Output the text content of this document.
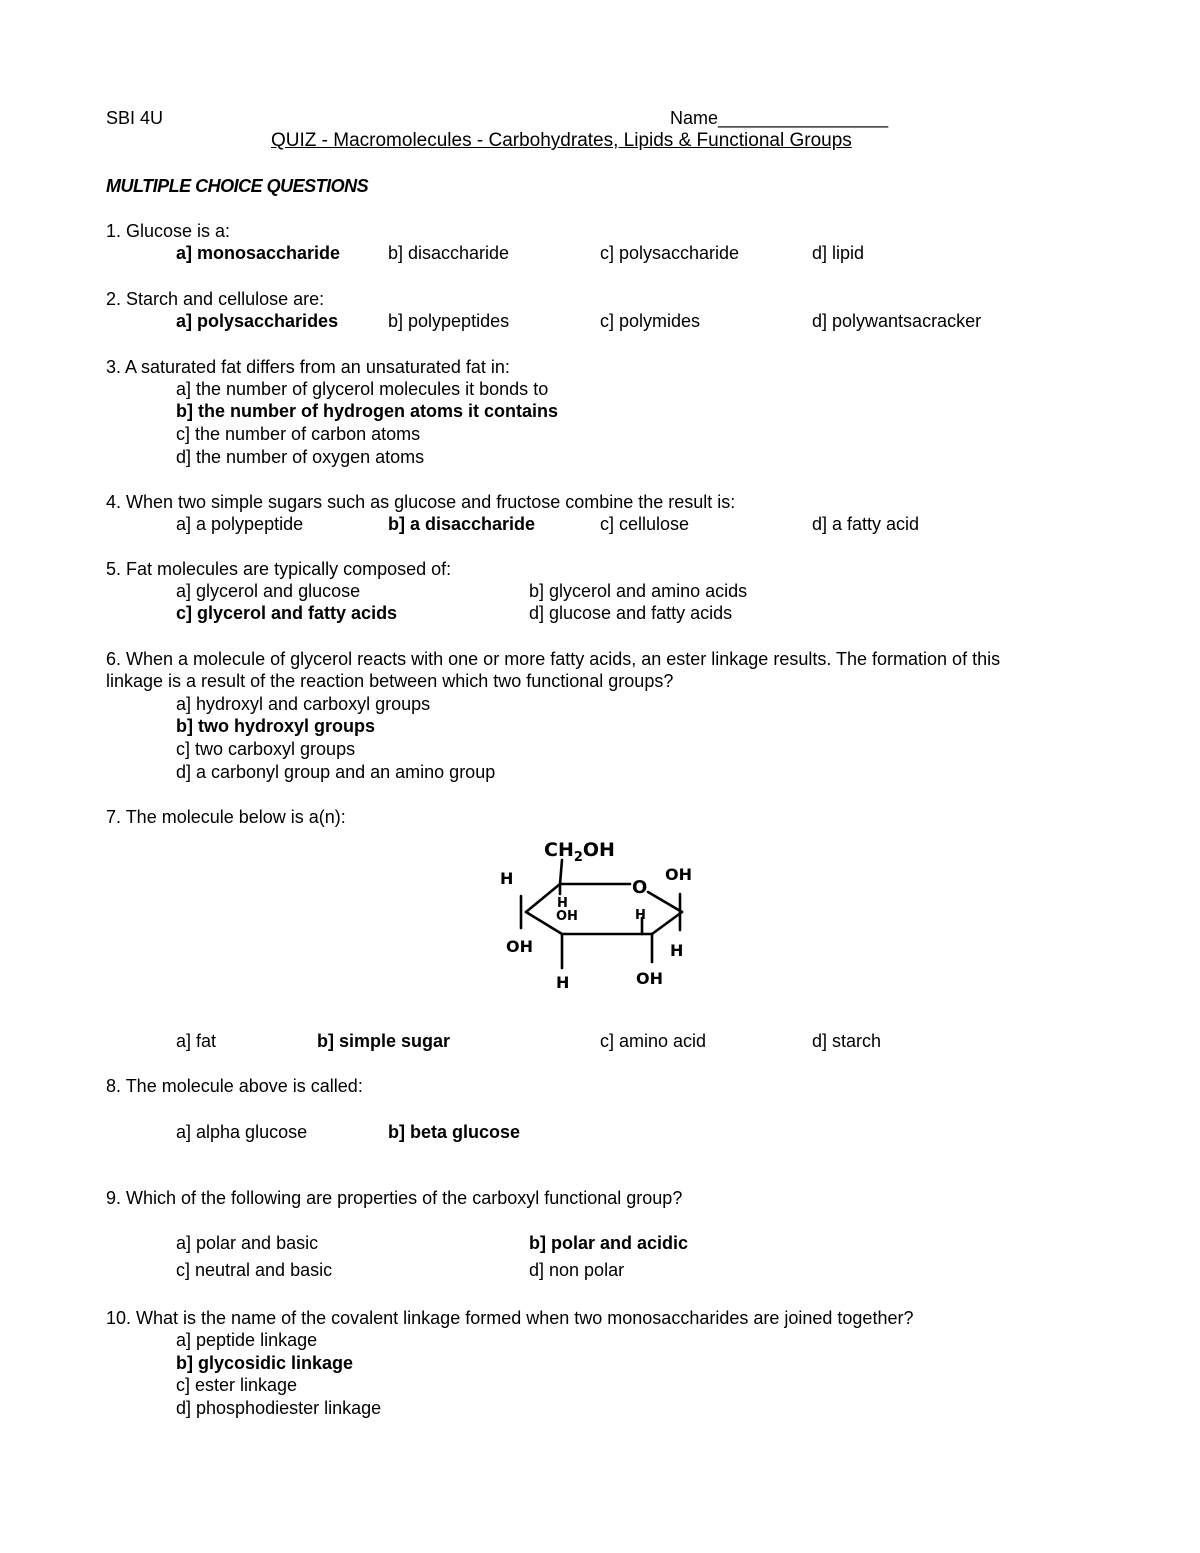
SBI 4U	Name_________________
QUIZ - Macromolecules - Carbohydrates, Lipids & Functional Groups
MULTIPLE CHOICE QUESTIONS
1. Glucose is a:
a] monosaccharide	b] disaccharide	c] polysaccharide	d] lipid
2. Starch and cellulose are:
a] polysaccharides	b] polypeptides	c] polymides	d] polywantsacracker
3. A saturated fat differs from an unsaturated fat in:
a] the number of glycerol molecules it bonds to
b] the number of hydrogen atoms it contains
c] the number of carbon atoms
d] the number of oxygen atoms
4. When two simple sugars such as glucose and fructose combine the result is:
a] a polypeptide	b] a disaccharide	c] cellulose	d] a fatty acid
5. Fat molecules are typically composed of:
a] glycerol and glucose	b] glycerol and amino acids
c] glycerol and fatty acids	d] glucose and fatty acids
6. When a molecule of glycerol reacts with one or more fatty acids, an ester linkage results. The formation of this
linkage is a result of the reaction between which two functional groups?
a] hydroxyl and carboxyl groups
b] two hydroxyl groups
c] two carboxyl groups
d] a carbonyl group and an amino group
7. The molecule below is a(n):
$CH_2OH$
O
OH
H
H
OH	H
OH	H
H	OH
a] fat	b] simple sugar	c] amino acid	d] starch
8. The molecule above is called:
a] alpha glucose	b] beta glucose
9. Which of the following are properties of the carboxyl functional group?
a] polar and basic	b] polar and acidic
c] neutral and basic	d] non polar
10. What is the name of the covalent linkage formed when two monosaccharides are joined together?
a] peptide linkage
b] glycosidic linkage
c] ester linkage
d] phosphodiester linkage
